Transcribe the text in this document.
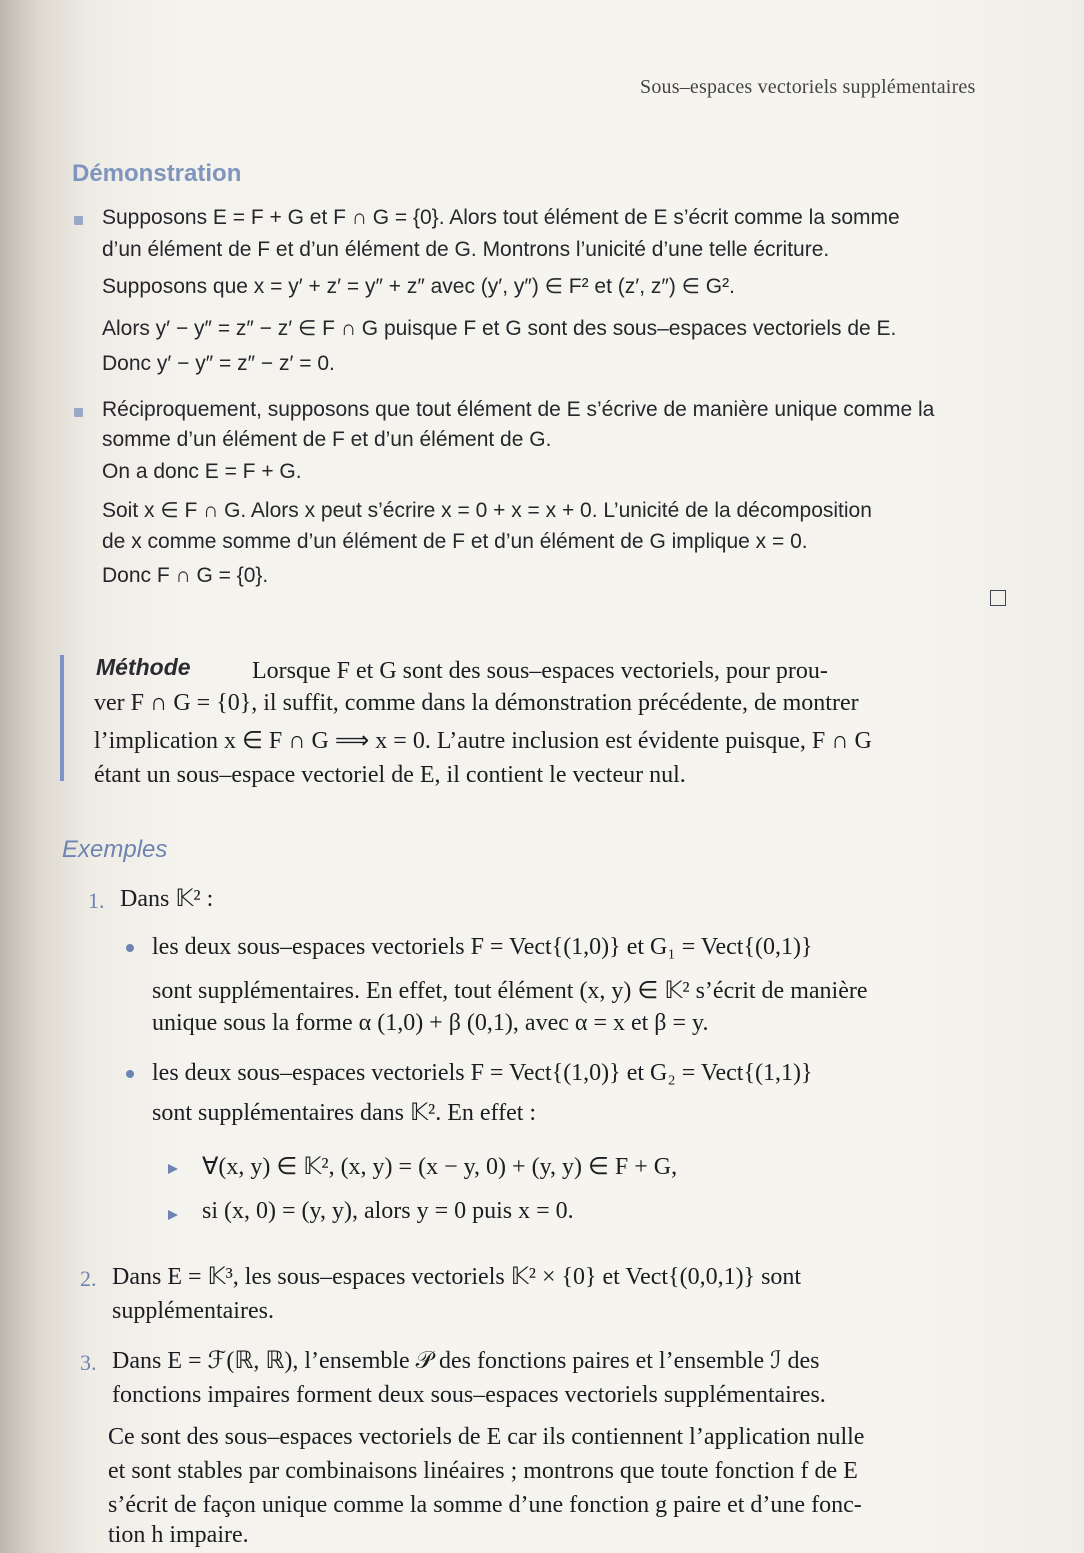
Sous–espaces vectoriels supplémentaires
Démonstration
Supposons E = F + G et F ∩ G = {0}. Alors tout élément de E s’écrit comme la somme
d’un élément de F et d’un élément de G. Montrons l’unicité d’une telle écriture.
Supposons que x = y′ + z′ = y″ + z″ avec (y′, y″) ∈ F² et (z′, z″) ∈ G².
Alors y′ − y″ = z″ − z′ ∈ F ∩ G puisque F et G sont des sous–espaces vectoriels de E.
Donc y′ − y″ = z″ − z′ = 0.
Réciproquement, supposons que tout élément de E s’écrive de manière unique comme la
somme d’un élément de F et d’un élément de G.
On a donc E = F + G.
Soit x ∈ F ∩ G. Alors x peut s’écrire x = 0 + x = x + 0. L’unicité de la décomposition
de x comme somme d’un élément de F et d’un élément de G implique x = 0.
Donc F ∩ G = {0}.
Méthode	Lorsque F et G sont des sous–espaces vectoriels, pour prou-
ver F ∩ G = {0}, il suffit, comme dans la démonstration précédente, de montrer
l’implication x ∈ F ∩ G ⟹ x = 0. L’autre inclusion est évidente puisque, F ∩ G
étant un sous–espace vectoriel de E, il contient le vecteur nul.
Exemples
1. Dans 𝕂² :
les deux sous–espaces vectoriels F = Vect{(1,0)} et G₁ = Vect{(0,1)}
sont supplémentaires. En effet, tout élément (x, y) ∈ 𝕂² s’écrit de manière
unique sous la forme α (1,0) + β (0,1), avec α = x et β = y.
les deux sous–espaces vectoriels F = Vect{(1,0)} et G₂ = Vect{(1,1)}
sont supplémentaires dans 𝕂². En effet :
∀(x, y) ∈ 𝕂², (x, y) = (x − y, 0) + (y, y) ∈ F + G,
si (x, 0) = (y, y), alors y = 0 puis x = 0.
2. Dans E = 𝕂³, les sous–espaces vectoriels 𝕂² × {0} et Vect{(0,0,1)} sont
supplémentaires.
3. Dans E = ℱ(ℝ, ℝ), l’ensemble 𝒫 des fonctions paires et l’ensemble ℐ des
fonctions impaires forment deux sous–espaces vectoriels supplémentaires.
Ce sont des sous–espaces vectoriels de E car ils contiennent l’application nulle
et sont stables par combinaisons linéaires ; montrons que toute fonction f de E
s’écrit de façon unique comme la somme d’une fonction g paire et d’une fonc-
tion h impaire.
